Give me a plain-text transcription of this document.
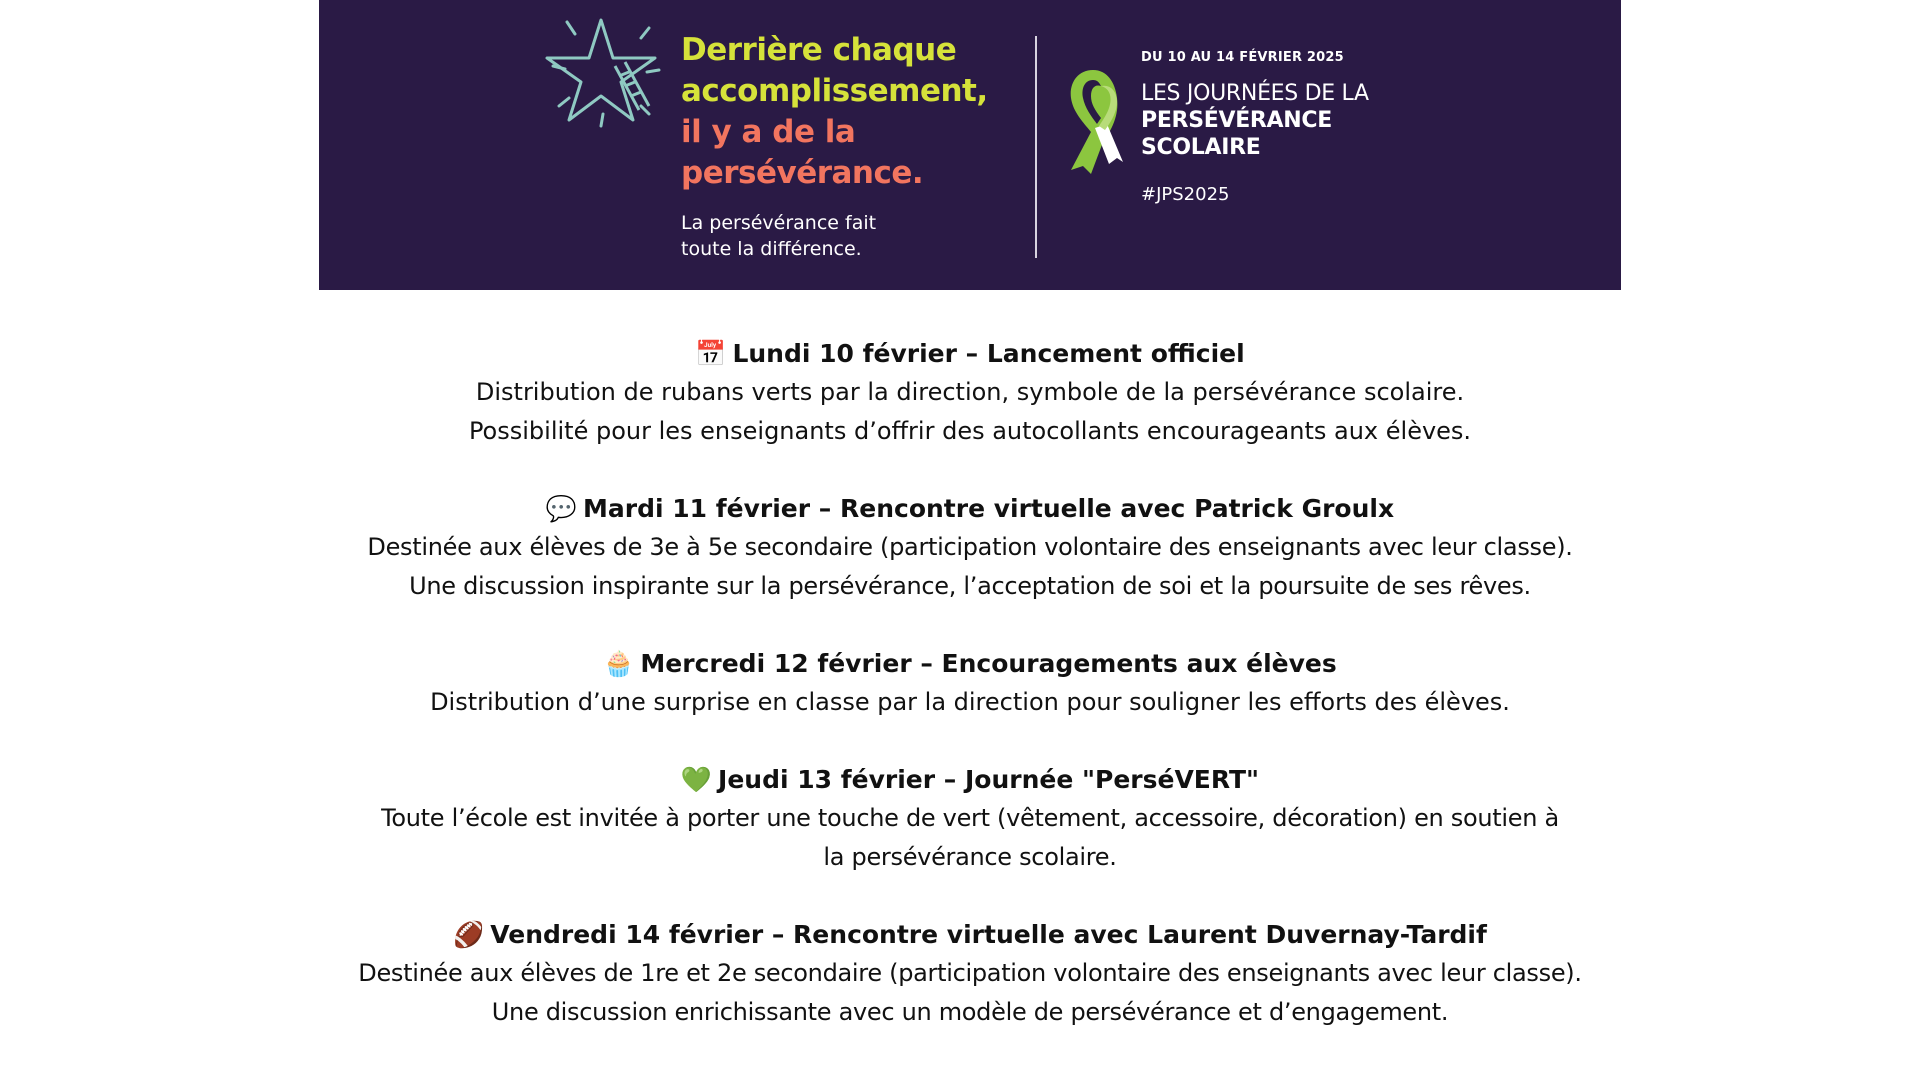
Derrière chaque
accomplissement,
il y a de la
persévérance.

La persévérance fait
toute la différence.

DU 10 AU 14 FÉVRIER 2025

LES JOURNÉES DE LA
PERSÉVÉRANCE
SCOLAIRE

#JPS2025

📅 Lundi 10 février – Lancement officiel

Distribution de rubans verts par la direction, symbole de la persévérance scolaire.
Possibilité pour les enseignants d’offrir des autocollants encourageants aux élèves.

💬 Mardi 11 février – Rencontre virtuelle avec Patrick Groulx

Destinée aux élèves de 3e à 5e secondaire (participation volontaire des enseignants avec leur classe).
Une discussion inspirante sur la persévérance, l’acceptation de soi et la poursuite de ses rêves.

🧁 Mercredi 12 février – Encouragements aux élèves

Distribution d’une surprise en classe par la direction pour souligner les efforts des élèves.

💚 Jeudi 13 février – Journée "PerséVERT"

Toute l’école est invitée à porter une touche de vert (vêtement, accessoire, décoration) en soutien à
la persévérance scolaire.

🏈 Vendredi 14 février – Rencontre virtuelle avec Laurent Duvernay-Tardif

Destinée aux élèves de 1re et 2e secondaire (participation volontaire des enseignants avec leur classe).
Une discussion enrichissante avec un modèle de persévérance et d’engagement.
